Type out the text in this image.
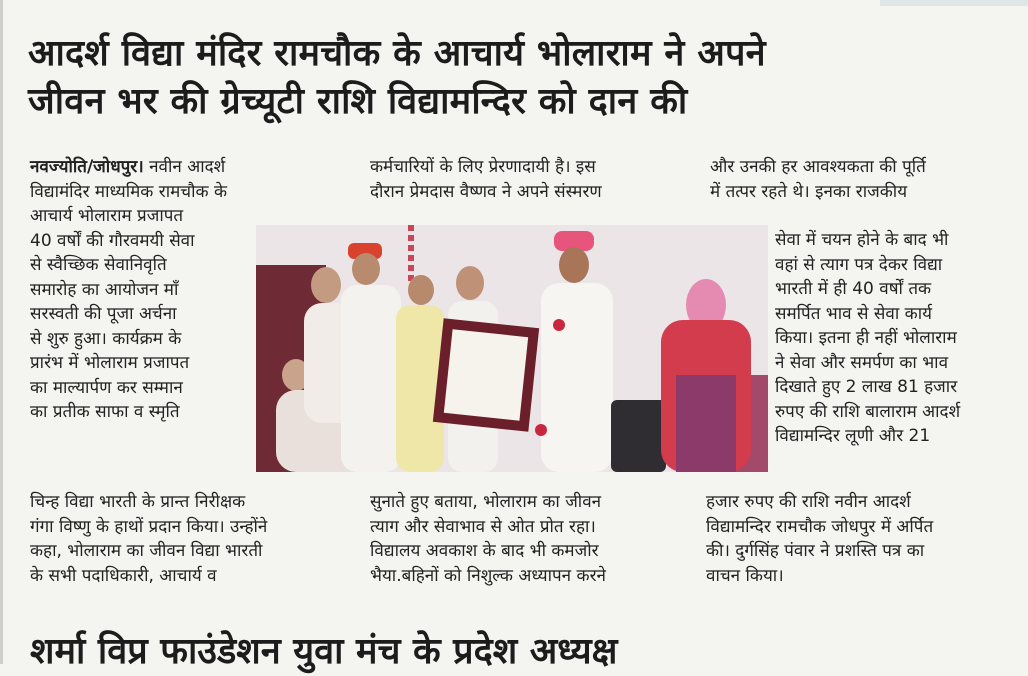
आदर्श विद्या मंदिर रामचौक के आचार्य भोलाराम ने अपने
जीवन भर की ग्रेच्यूटी राशि विद्यामन्दिर को दान की

नवज्योति/जोधपुर। नवीन आदर्श

विद्यामंदिर माध्यमिक रामचौक के

आचार्य भोलाराम प्रजापत

40 वर्षों की गौरवमयी सेवा

से स्वैच्छिक सेवानिवृति

समारोह का आयोजन माँ

सरस्वती की पूजा अर्चना

से शुरु हुआ। कार्यक्रम के

प्रारंभ में भोलाराम प्रजापत

का माल्यार्पण कर सम्मान

का प्रतीक साफा व स्मृति

कर्मचारियों के लिए प्रेरणादायी है। इस

दौरान प्रेमदास वैष्णव ने अपने संस्मरण

और उनकी हर आवश्यकता की पूर्ति

में तत्पर रहते थे। इनका राजकीय

सेवा में चयन होने के बाद भी

वहां से त्याग पत्र देकर विद्या

भारती में ही 40 वर्षों तक

समर्पित भाव से सेवा कार्य

किया। इतना ही नहीं भोलाराम

ने सेवा और समर्पण का भाव

दिखाते हुए 2 लाख 81 हजार

रुपए की राशि बालाराम आदर्श

विद्यामन्दिर लूणी और 21

चिन्ह विद्या भारती के प्रान्त निरीक्षक

गंगा विष्णु के हाथों प्रदान किया। उन्होंने

कहा, भोलाराम का जीवन विद्या भारती

के सभी पदाधिकारी, आचार्य व

सुनाते हुए बताया, भोलाराम का जीवन

त्याग और सेवाभाव से ओत प्रोत रहा।

विद्यालय अवकाश के बाद भी कमजोर

भैया.बहिनों को निशुल्क अध्यापन करने

हजार रुपए की राशि नवीन आदर्श

विद्यामन्दिर रामचौक जोधपुर में अर्पित

की। दुर्गसिंह पंवार ने प्रशस्ति पत्र का

वाचन किया।

शर्मा विप्र फाउंडेशन युवा मंच के प्रदेश अध्यक्ष
